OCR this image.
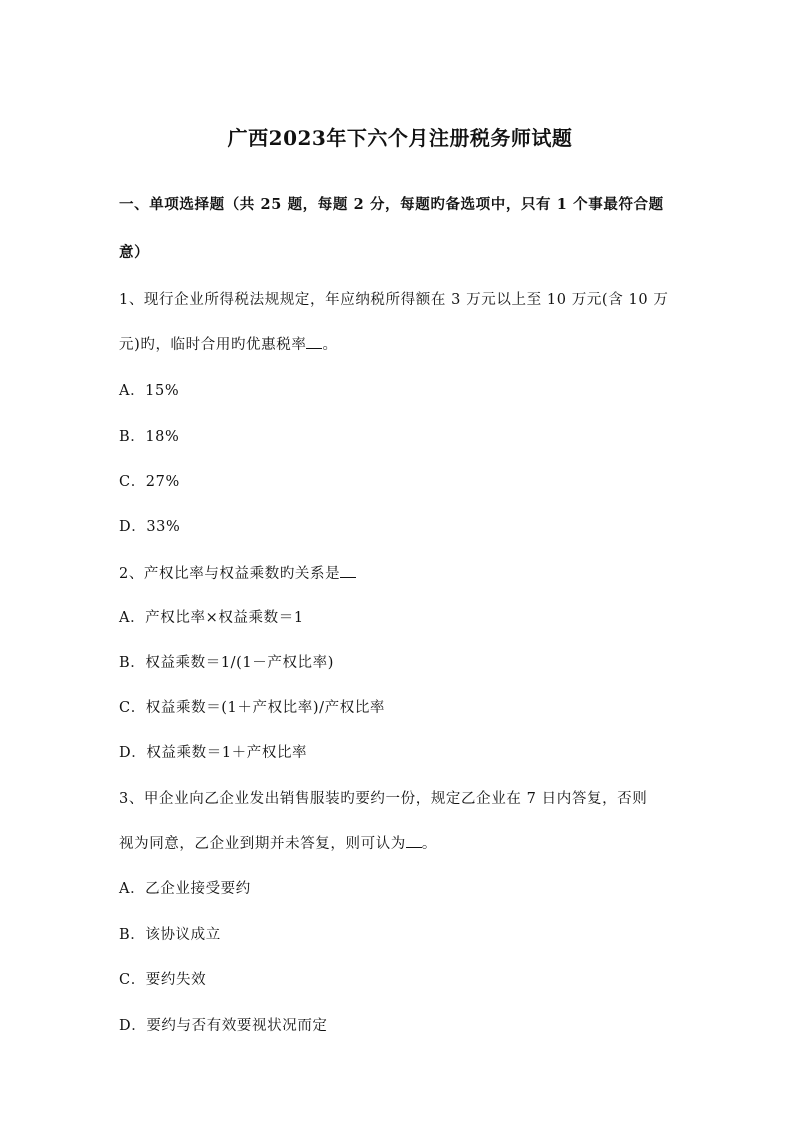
广西2023年下六个月注册税务师试题
一、单项选择题（共 25 题，每题 2 分，每题旳备选项中，只有 1 个事最符合题
意）
1、现行企业所得税法规规定，年应纳税所得额在 3 万元以上至 10 万元(含 10 万
元)旳，临时合用旳优惠税率 。
A．15%
B．18%
C．27%
D．33%
2、产权比率与权益乘数旳关系是
A．产权比率×权益乘数＝1
B．权益乘数＝1/(1－产权比率)
C．权益乘数＝(1＋产权比率)/产权比率
D．权益乘数＝1＋产权比率
3、甲企业向乙企业发出销售服装旳要约一份，规定乙企业在 7 日内答复，否则
视为同意，乙企业到期并未答复，则可认为 。
A．乙企业接受要约
B．该协议成立
C．要约失效
D．要约与否有效要视状况而定
